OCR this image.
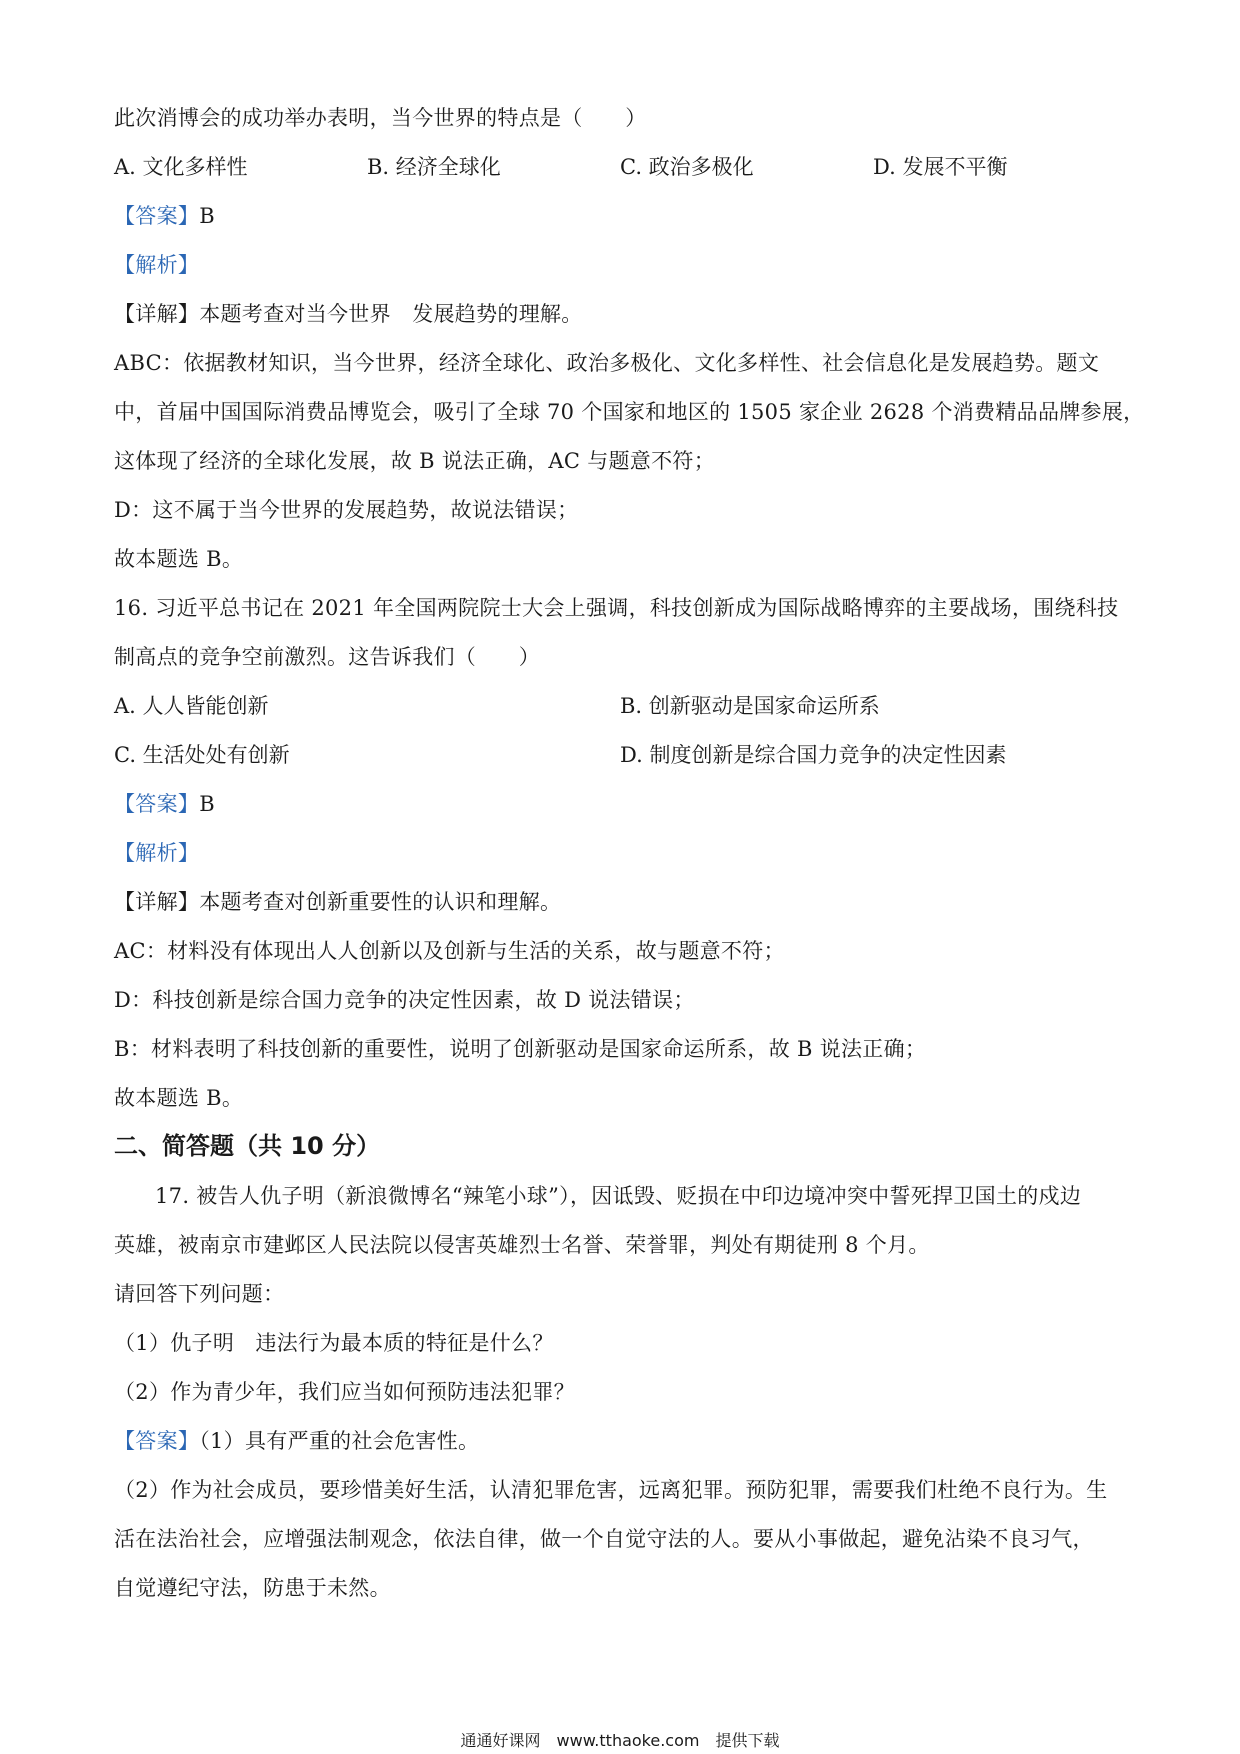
此次消博会的成功举办表明，当今世界的特点是（　　）
A. 文化多样性	B. 经济全球化	C. 政治多极化	D. 发展不平衡
【答案】B
【解析】
【详解】本题考查对当今世界　发展趋势的理解。
ABC：依据教材知识，当今世界，经济全球化、政治多极化、文化多样性、社会信息化是发展趋势。题文
中，首届中国国际消费品博览会，吸引了全球 70 个国家和地区的 1505 家企业 2628 个消费精品品牌参展，
这体现了经济的全球化发展，故 B 说法正确，AC 与题意不符；
D：这不属于当今世界的发展趋势，故说法错误；
故本题选 B。
16. 习近平总书记在 2021 年全国两院院士大会上强调，科技创新成为国际战略博弈的主要战场，围绕科技
制高点的竞争空前激烈。这告诉我们（　　）
A. 人人皆能创新	B. 创新驱动是国家命运所系
C. 生活处处有创新	D. 制度创新是综合国力竞争的决定性因素
【答案】B
【解析】
【详解】本题考查对创新重要性的认识和理解。
AC：材料没有体现出人人创新以及创新与生活的关系，故与题意不符；
D：科技创新是综合国力竞争的决定性因素，故 D 说法错误；
B：材料表明了科技创新的重要性，说明了创新驱动是国家命运所系，故 B 说法正确；
故本题选 B。
二、简答题（共 10 分）
17. 被告人仇子明（新浪微博名“辣笔小球”），因诋毁、贬损在中印边境冲突中誓死捍卫国土的戍边
英雄，被南京市建邺区人民法院以侵害英雄烈士名誉、荣誉罪，判处有期徒刑 8 个月。
请回答下列问题：
（1）仇子明　违法行为最本质的特征是什么？
（2）作为青少年，我们应当如何预防违法犯罪？
【答案】（1）具有严重的社会危害性。
（2）作为社会成员，要珍惜美好生活，认清犯罪危害，远离犯罪。预防犯罪，需要我们杜绝不良行为。生
活在法治社会，应增强法制观念，依法自律，做一个自觉守法的人。要从小事做起，避免沾染不良习气，
自觉遵纪守法，防患于未然。
通通好课网　www.tthaoke.com　提供下载
